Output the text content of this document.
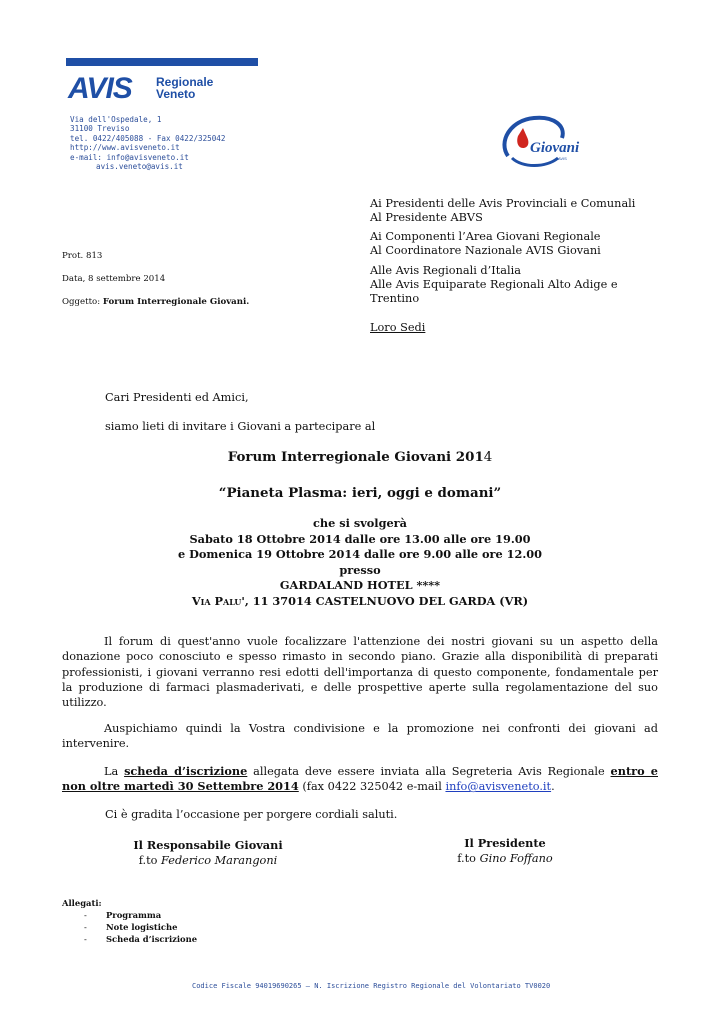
AVIS Regionale
Veneto
Via dell'Ospedale, 1
31100 Treviso
tel. 0422/405088 - Fax 0422/325042
http://www.avisveneto.it
e-mail: info@avisveneto.it
avis.veneto@avis.it
Giovani
AVIS
Ai Presidenti delle Avis Provinciali e Comunali
Al Presidente ABVS
Ai Componenti l’Area Giovani Regionale
Al Coordinatore Nazionale AVIS Giovani
Alle Avis Regionali d’Italia
Alle Avis Equiparate Regionali Alto Adige e
Trentino
Loro Sedi
Prot. 813
Data, 8 settembre 2014
Oggetto: Forum Interregionale Giovani.
Cari Presidenti ed Amici,
siamo lieti di invitare i Giovani a partecipare al
Forum Interregionale Giovani 2014
“Pianeta Plasma: ieri, oggi e domani”
che si svolgerà
Sabato 18 Ottobre 2014 dalle ore 13.00 alle ore 19.00
e Domenica 19 Ottobre 2014 dalle ore 9.00 alle ore 12.00
presso
GARDALAND HOTEL ****
Via Palu', 11 37014 CASTELNUOVO DEL GARDA (VR)
Il forum di quest'anno vuole focalizzare l'attenzione dei nostri giovani su un aspetto della donazione poco conosciuto e spesso rimasto in secondo piano. Grazie alla disponibilità di preparati professionisti, i giovani verranno resi edotti dell'importanza di questo componente, fondamentale per la produzione di farmaci plasmaderivati, e delle prospettive aperte sulla regolamentazione del suo utilizzo.
Auspichiamo quindi la Vostra condivisione e la promozione nei confronti dei giovani ad intervenire.
La scheda d’iscrizione allegata deve essere inviata alla Segreteria Avis Regionale entro e non oltre martedì 30 Settembre 2014 (fax 0422 325042 e-mail info@avisveneto.it.
Ci è gradita l’occasione per porgere cordiali saluti.
Il Responsabile Giovani
f.to Federico Marangoni
Il Presidente
f.to Gino Foffano
Allegati:
- Programma
- Note logistiche
- Scheda d’iscrizione
Codice Fiscale 94019690265 – N. Iscrizione Registro Regionale del Volontariato TV0020
